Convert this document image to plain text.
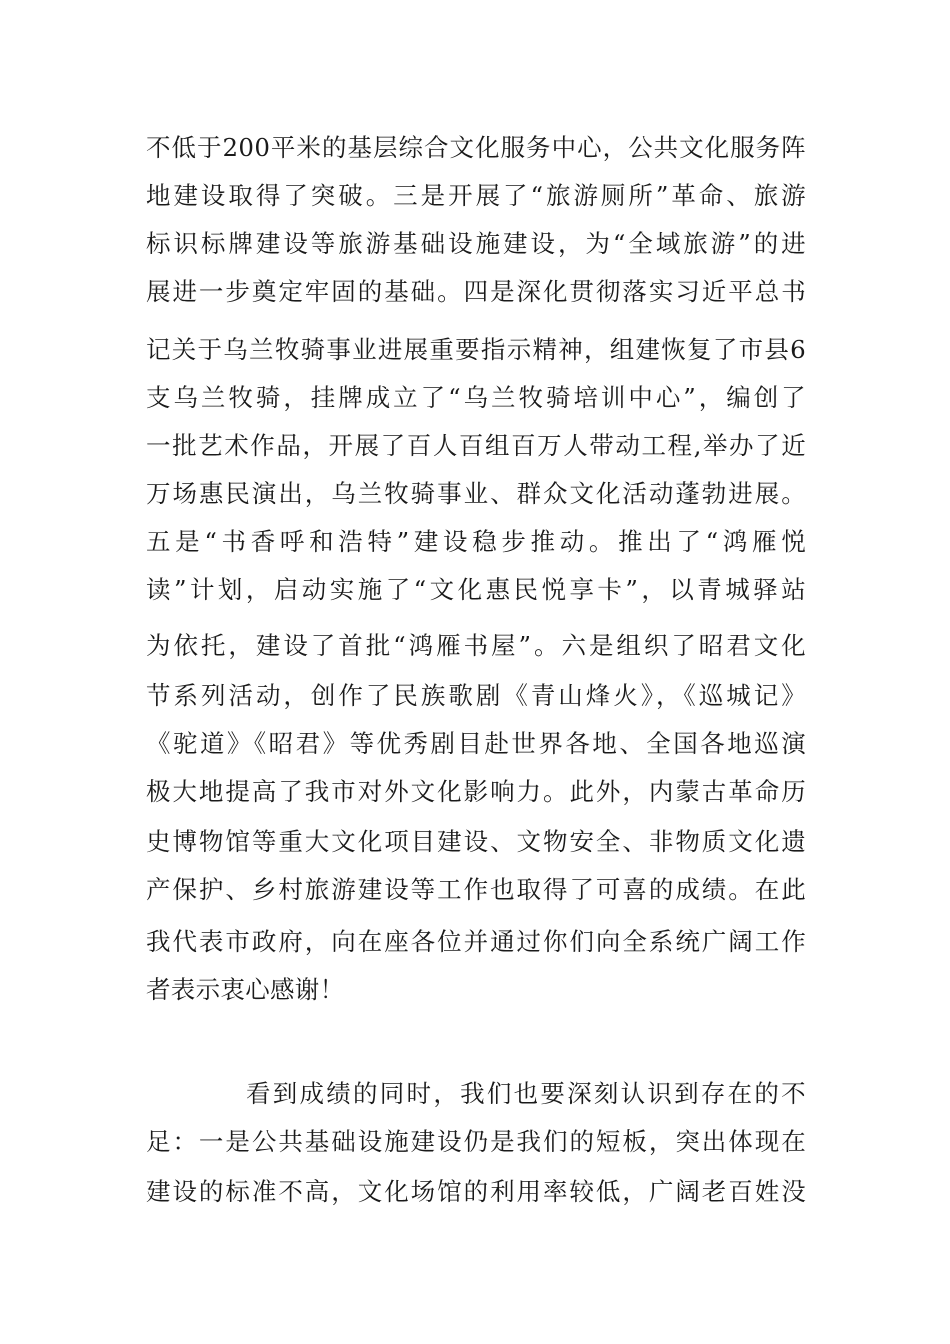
不低于200平米的基层综合文化服务中心，公共文化服务阵
地建设取得了突破。三是开展了“旅游厕所”革命、旅游
标识标牌建设等旅游基础设施建设，为“全域旅游”的进
展进一步奠定牢固的基础。四是深化贯彻落实习近平总书
记关于乌兰牧骑事业进展重要指示精神，组建恢复了市县6
支乌兰牧骑，挂牌成立了“乌兰牧骑培训中心”，编创了
一批艺术作品，开展了百人百组百万人带动工程,举办了近
万场惠民演出，乌兰牧骑事业、群众文化活动蓬勃进展。
五是“书香呼和浩特”建设稳步推动。推出了“鸿雁悦
读”计划，启动实施了“文化惠民悦享卡”，以青城驿站
为依托，建设了首批“鸿雁书屋”。六是组织了昭君文化
节系列活动，创作了民族歌剧《青山烽火》，《巡城记》
《驼道》《昭君》等优秀剧目赴世界各地、全国各地巡演
极大地提高了我市对外文化影响力。此外，内蒙古革命历
史博物馆等重大文化项目建设、文物安全、非物质文化遗
产保护、乡村旅游建设等工作也取得了可喜的成绩。在此
我代表市政府，向在座各位并通过你们向全系统广阔工作
者表示衷心感谢！
看到成绩的同时，我们也要深刻认识到存在的不
足：一是公共基础设施建设仍是我们的短板，突出体现在
建设的标准不高，文化场馆的利用率较低，广阔老百姓没
